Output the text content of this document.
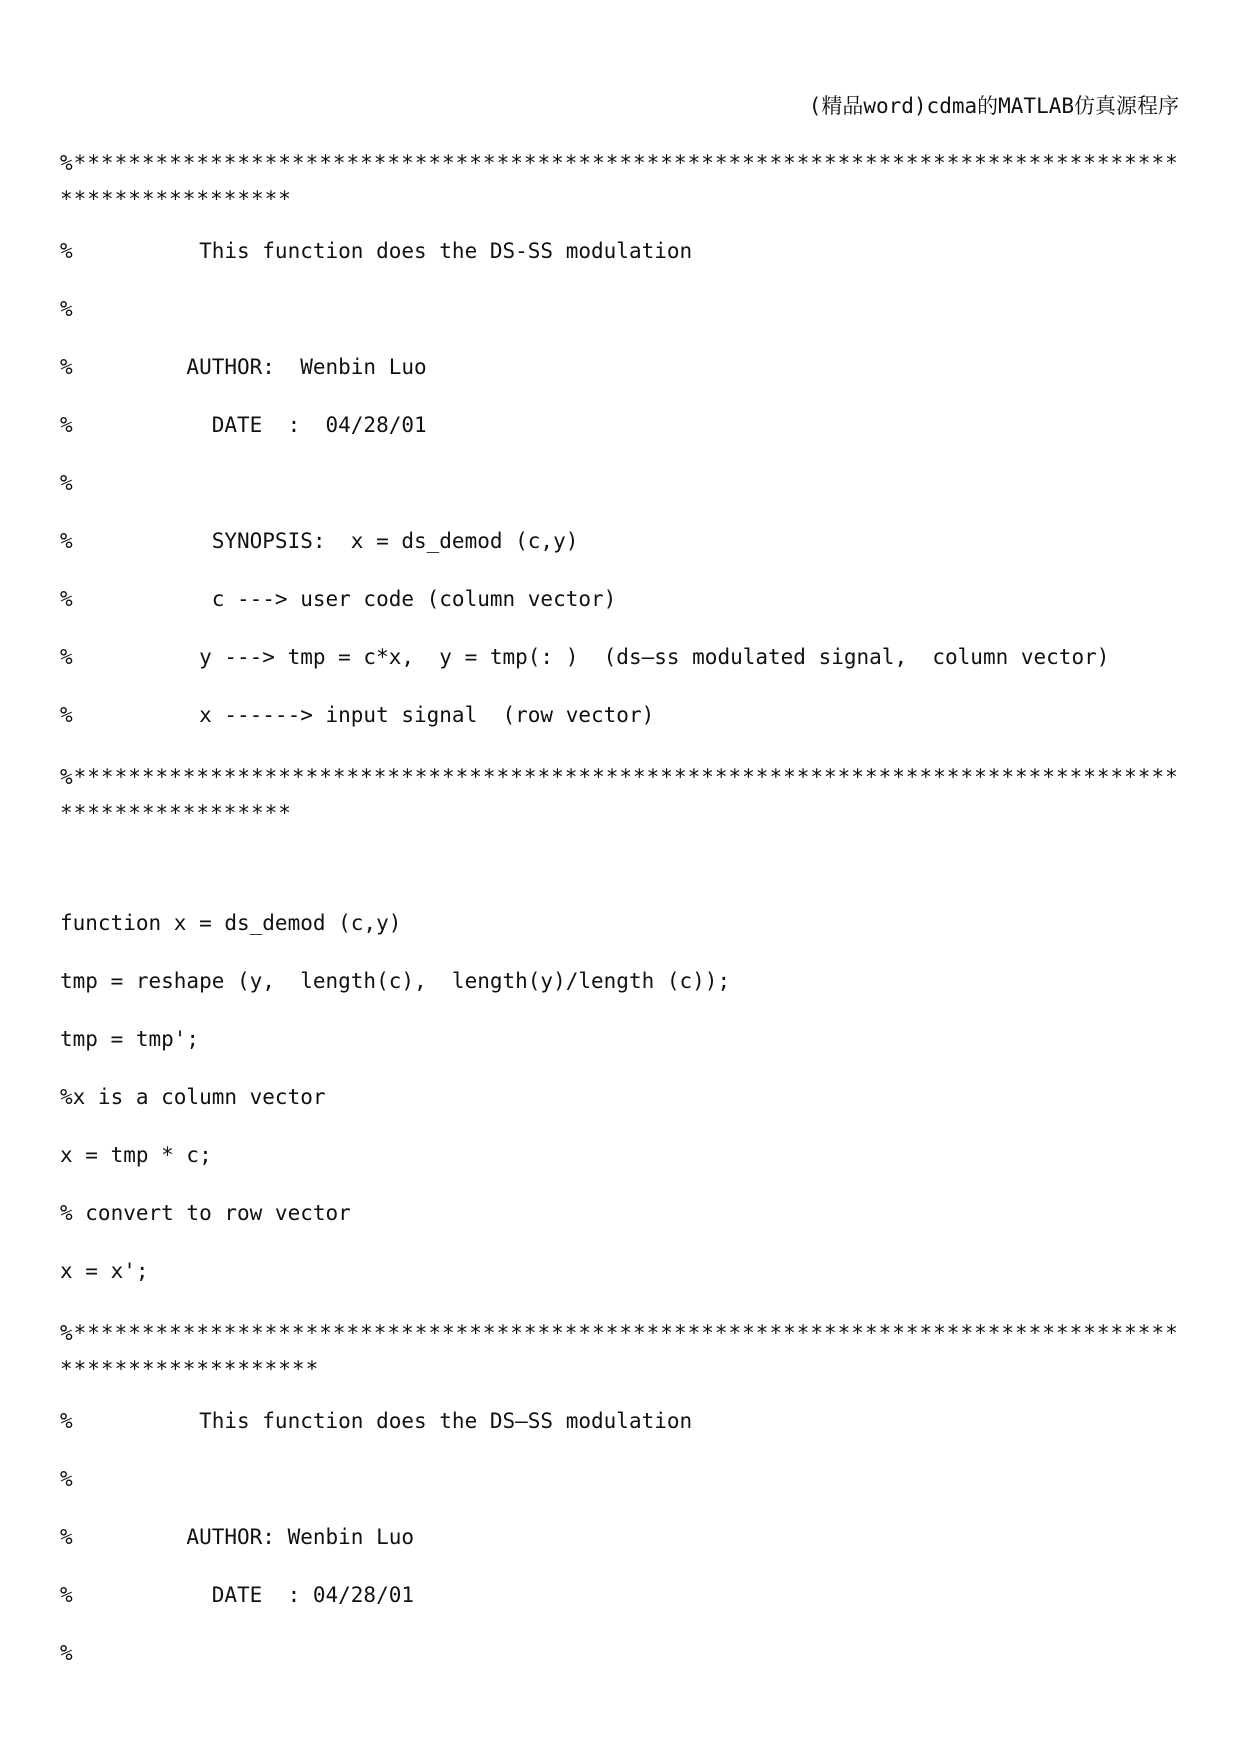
(精品word)cdma的MATLAB仿真源程序
%**************************************************************************************************
%          This function does the DS-SS modulation
%
%         AUTHOR:  Wenbin Luo
%           DATE  :  04/28/01
%
%           SYNOPSIS:  x = ds_demod (c,y)
%           c ---> user code (column vector)
%          y ---> tmp = c*x,  y = tmp(: )  (ds—ss modulated signal,  column vector)
%          x ------> input signal  (row vector)
%**************************************************************************************************
function x = ds_demod (c,y)
tmp = reshape (y,  length(c),  length(y)/length (c));
tmp = tmp';
%x is a column vector
x = tmp * c;
% convert to row vector
x = x';
%****************************************************************************************************
%          This function does the DS—SS modulation
%
%         AUTHOR: Wenbin Luo
%           DATE  : 04/28/01
%
